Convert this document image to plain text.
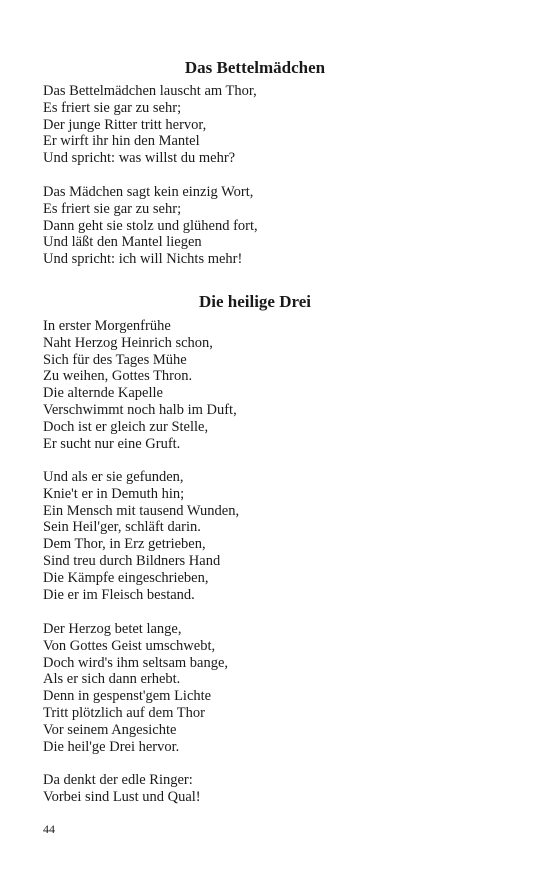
Das Bettelmädchen

Das Bettelmädchen lauscht am Thor,
Es friert sie gar zu sehr;
Der junge Ritter tritt hervor,
Er wirft ihr hin den Mantel
Und spricht: was willst du mehr?

Das Mädchen sagt kein einzig Wort,
Es friert sie gar zu sehr;
Dann geht sie stolz und glühend fort,
Und läßt den Mantel liegen
Und spricht: ich will Nichts mehr!

Die heilige Drei

In erster Morgenfrühe
Naht Herzog Heinrich schon,
Sich für des Tages Mühe
Zu weihen, Gottes Thron.
Die alternde Kapelle
Verschwimmt noch halb im Duft,
Doch ist er gleich zur Stelle,
Er sucht nur eine Gruft.

Und als er sie gefunden,
Knie't er in Demuth hin;
Ein Mensch mit tausend Wunden,
Sein Heil'ger, schläft darin.
Dem Thor, in Erz getrieben,
Sind treu durch Bildners Hand
Die Kämpfe eingeschrieben,
Die er im Fleisch bestand.

Der Herzog betet lange,
Von Gottes Geist umschwebt,
Doch wird's ihm seltsam bange,
Als er sich dann erhebt.
Denn in gespenst'gem Lichte
Tritt plötzlich auf dem Thor
Vor seinem Angesichte
Die heil'ge Drei hervor.

Da denkt der edle Ringer:
Vorbei sind Lust und Qual!

44
